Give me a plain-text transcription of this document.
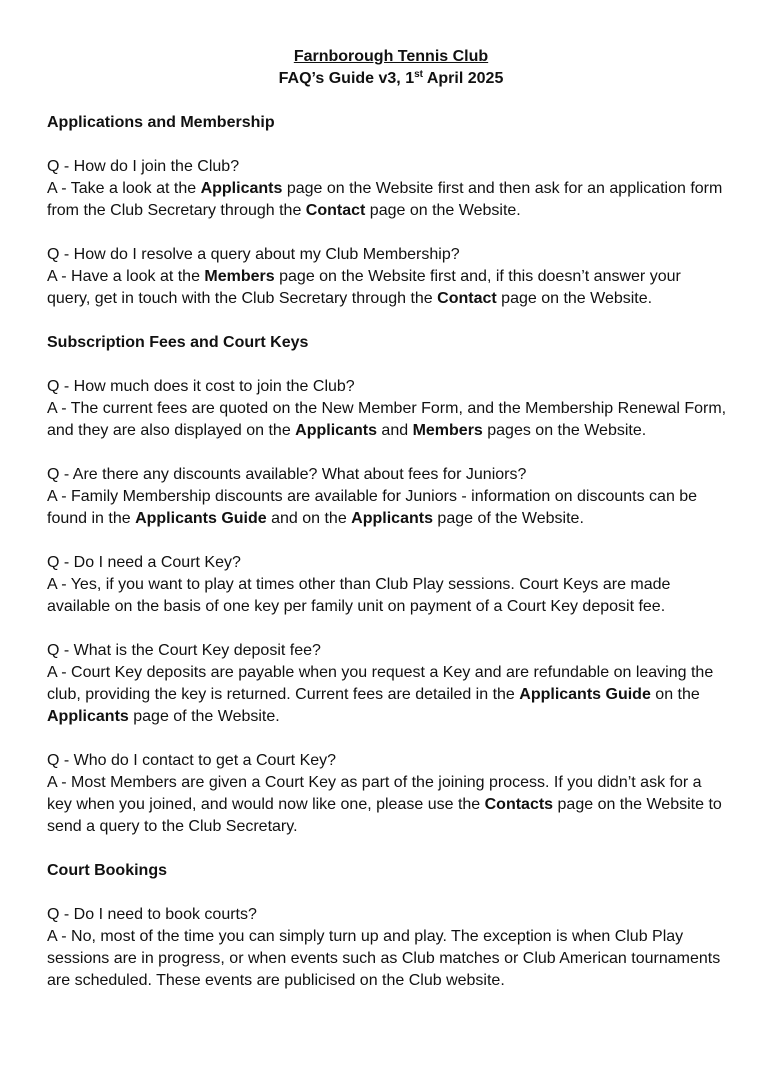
Farnborough Tennis Club
FAQ’s Guide v3, 1st April 2025
Applications and Membership

Q - How do I join the Club?

A - Take a look at the Applicants page on the Website first and then ask for an application form from the Club Secretary through the Contact page on the Website.

Q - How do I resolve a query about my Club Membership?

A - Have a look at the Members page on the Website first and, if this doesn’t answer your query, get in touch with the Club Secretary through the Contact page on the Website.

Subscription Fees and Court Keys

Q - How much does it cost to join the Club?

A - The current fees are quoted on the New Member Form, and the Membership Renewal Form, and they are also displayed on the Applicants and Members pages on the Website.

Q - Are there any discounts available? What about fees for Juniors?

A - Family Membership discounts are available for Juniors - information on discounts can be found in the Applicants Guide and on the Applicants page of the Website.

Q - Do I need a Court Key?

A - Yes, if you want to play at times other than Club Play sessions. Court Keys are made available on the basis of one key per family unit on payment of a Court Key deposit fee.

Q - What is the Court Key deposit fee?

A - Court Key deposits are payable when you request a Key and are refundable on leaving the club, providing the key is returned. Current fees are detailed in the Applicants Guide on the Applicants page of the Website.

Q - Who do I contact to get a Court Key?

A - Most Members are given a Court Key as part of the joining process. If you didn’t ask for a key when you joined, and would now like one, please use the Contacts page on the Website to send a query to the Club Secretary.

Court Bookings

Q - Do I need to book courts?

A - No, most of the time you can simply turn up and play. The exception is when Club Play sessions are in progress, or when events such as Club matches or Club American tournaments are scheduled. These events are publicised on the Club website.
